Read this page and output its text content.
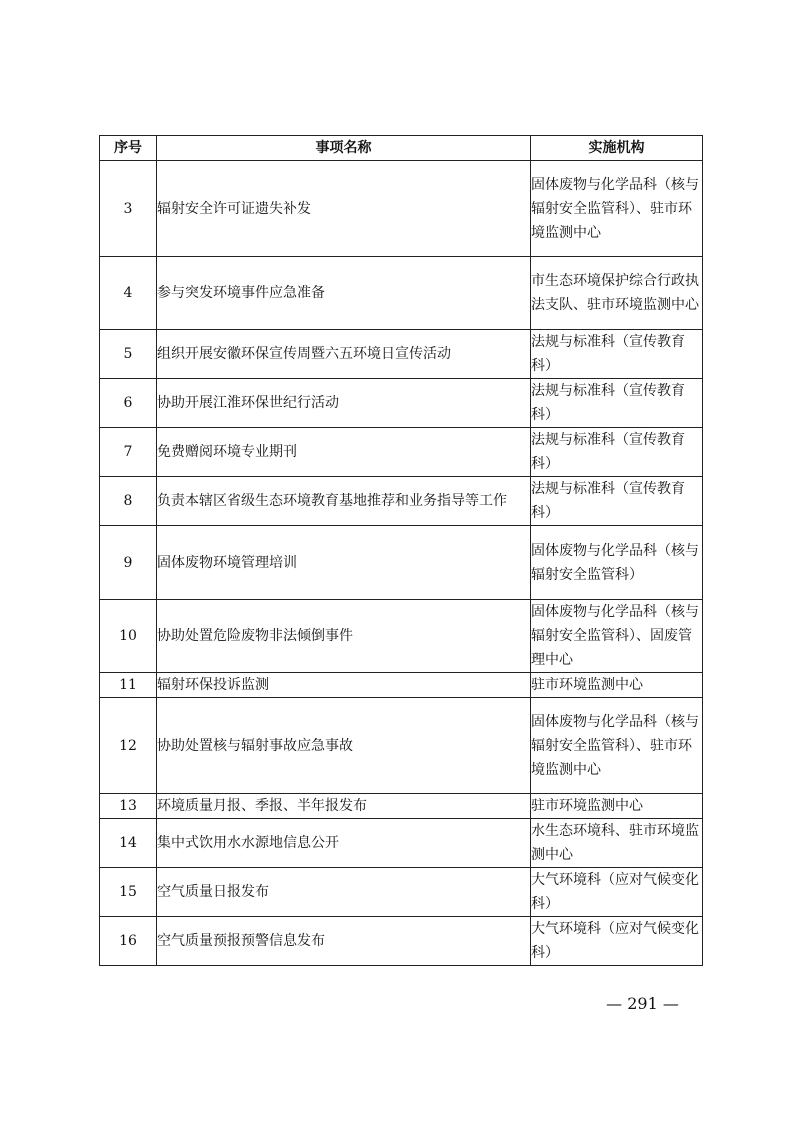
序号	事项名称	实施机构
3	辐射安全许可证遗失补发	固体废物与化学品科（核与辐射安全监管科）、驻市环境监测中心
4	参与突发环境事件应急准备	市生态环境保护综合行政执法支队、驻市环境监测中心
5	组织开展安徽环保宣传周暨六五环境日宣传活动	法规与标准科（宣传教育科）
6	协助开展江淮环保世纪行活动	法规与标准科（宣传教育科）
7	免费赠阅环境专业期刊	法规与标准科（宣传教育科）
8	负责本辖区省级生态环境教育基地推荐和业务指导等工作	法规与标准科（宣传教育科）
9	固体废物环境管理培训	固体废物与化学品科（核与辐射安全监管科）
10	协助处置危险废物非法倾倒事件	固体废物与化学品科（核与辐射安全监管科）、固废管理中心
11	辐射环保投诉监测	驻市环境监测中心
12	协助处置核与辐射事故应急事故	固体废物与化学品科（核与辐射安全监管科）、驻市环境监测中心
13	环境质量月报、季报、半年报发布	驻市环境监测中心
14	集中式饮用水水源地信息公开	水生态环境科、驻市环境监测中心
15	空气质量日报发布	大气环境科（应对气候变化科）
16	空气质量预报预警信息发布	大气环境科（应对气候变化科）
— 291 —
